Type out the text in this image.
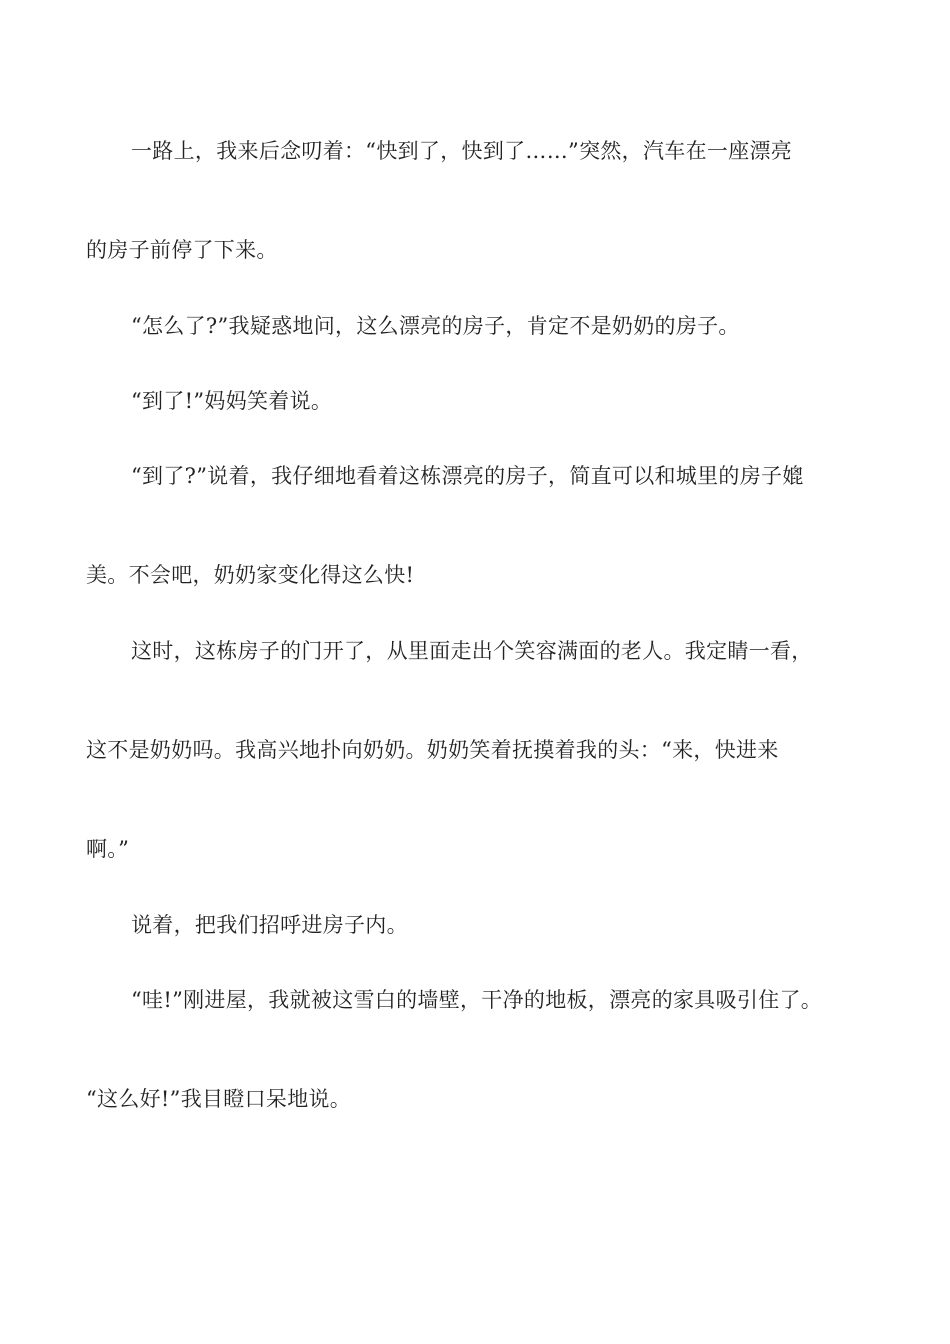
一路上，我来后念叨着：“快到了，快到了……”突然，汽车在一座漂亮
的房子前停了下来。
“怎么了?”我疑惑地问，这么漂亮的房子，肯定不是奶奶的房子。
“到了!”妈妈笑着说。
“到了?”说着，我仔细地看着这栋漂亮的房子，简直可以和城里的房子媲
美。不会吧，奶奶家变化得这么快!
这时，这栋房子的门开了，从里面走出个笑容满面的老人。我定睛一看，
这不是奶奶吗。我高兴地扑向奶奶。奶奶笑着抚摸着我的头：“来，快进来
啊。”
说着，把我们招呼进房子内。
“哇!”刚进屋，我就被这雪白的墙壁，干净的地板，漂亮的家具吸引住了。
“这么好!”我目瞪口呆地说。
